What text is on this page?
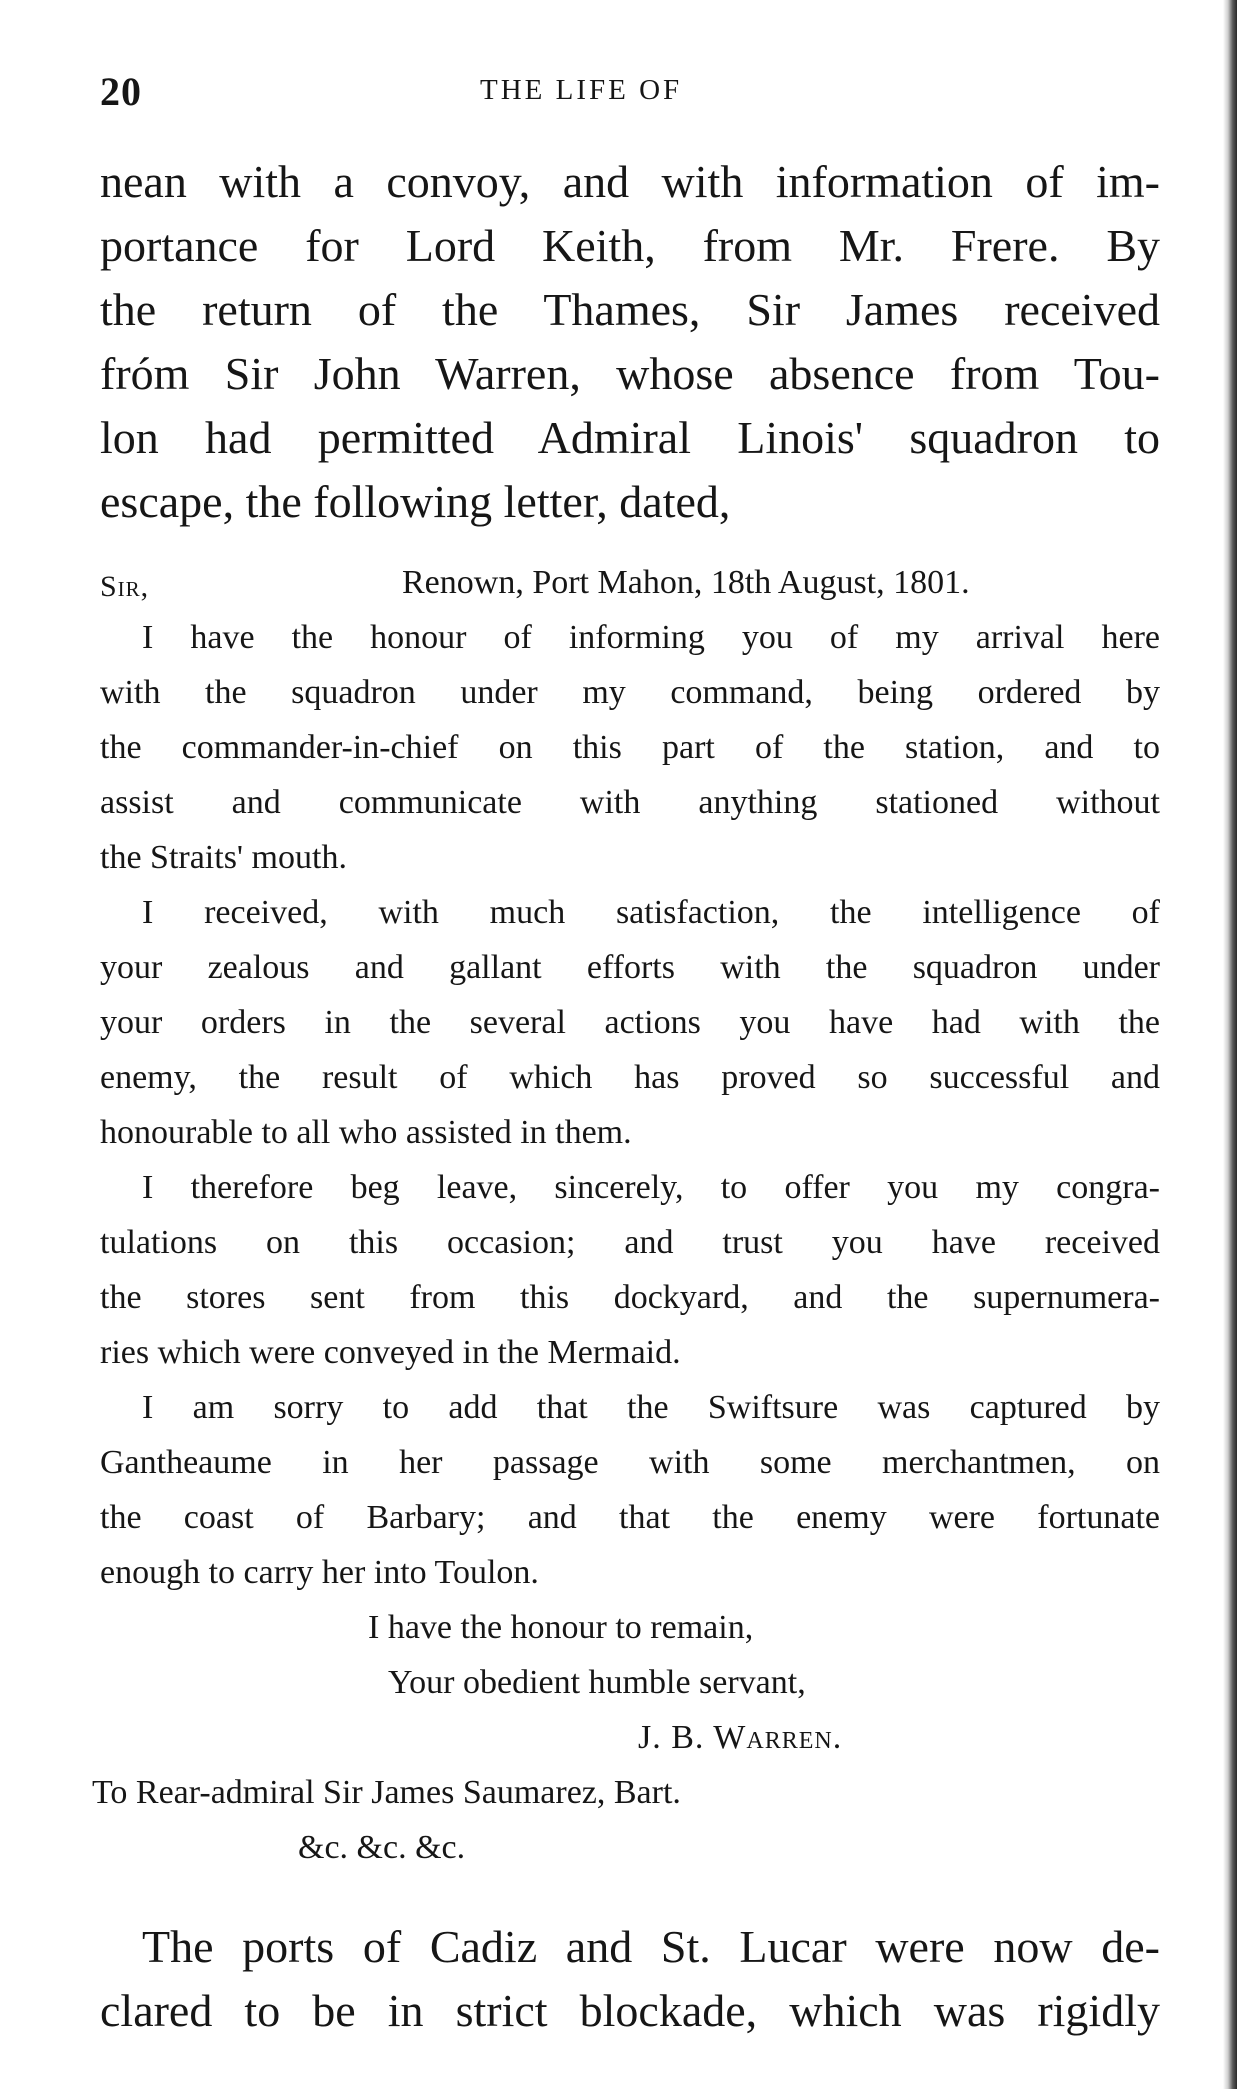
20	THE LIFE OF
nean with a convoy, and with information of im-
portance for Lord Keith, from Mr. Frere. By
the return of the Thames, Sir James received
fróm Sir John Warren, whose absence from Tou-
lon had permitted Admiral Linois' squadron to
escape, the following letter, dated,
Sir,	Renown, Port Mahon, 18th August, 1801.
I have the honour of informing you of my arrival here
with the squadron under my command, being ordered by
the commander-in-chief on this part of the station, and to
assist and communicate with anything stationed without
the Straits' mouth.
I received, with much satisfaction, the intelligence of
your zealous and gallant efforts with the squadron under
your orders in the several actions you have had with the
enemy, the result of which has proved so successful and
honourable to all who assisted in them.
I therefore beg leave, sincerely, to offer you my congra-
tulations on this occasion; and trust you have received
the stores sent from this dockyard, and the supernumera-
ries which were conveyed in the Mermaid.
I am sorry to add that the Swiftsure was captured by
Gantheaume in her passage with some merchantmen, on
the coast of Barbary; and that the enemy were fortunate
enough to carry her into Toulon.
I have the honour to remain,
Your obedient humble servant,
J. B. Warren.
To Rear-admiral Sir James Saumarez, Bart.
&c. &c. &c.
The ports of Cadiz and St. Lucar were now de-
clared to be in strict blockade, which was rigidly
